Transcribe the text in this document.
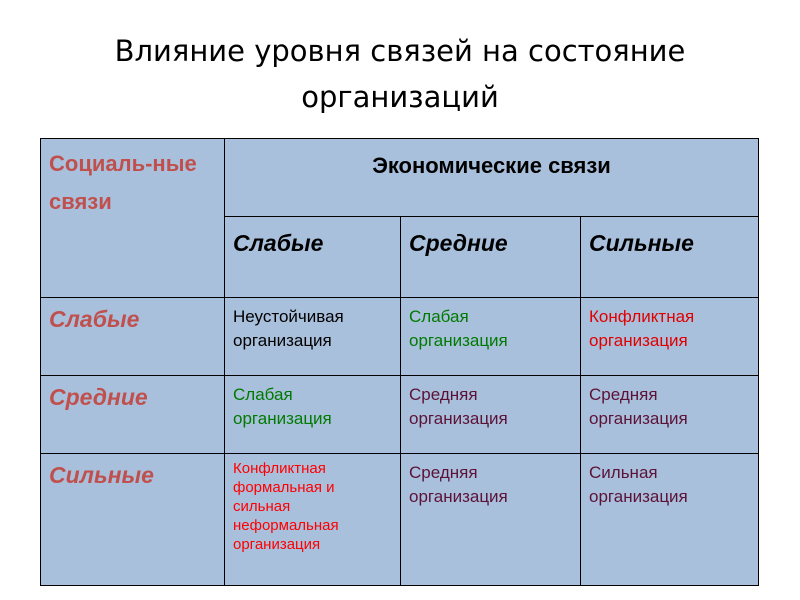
Влияние уровня связей на состояние организаций
Социаль-ные связи	Экономические связи		
	Слабые	Средние	Сильные
Слабые	Неустойчивая организация	Слабая организация	Конфликтная организация
Средние	Слабая организация	Средняя организация	Средняя организация
Сильные	Конфликтная формальная и сильная неформальная организация	Средняя организация	Сильная организация
